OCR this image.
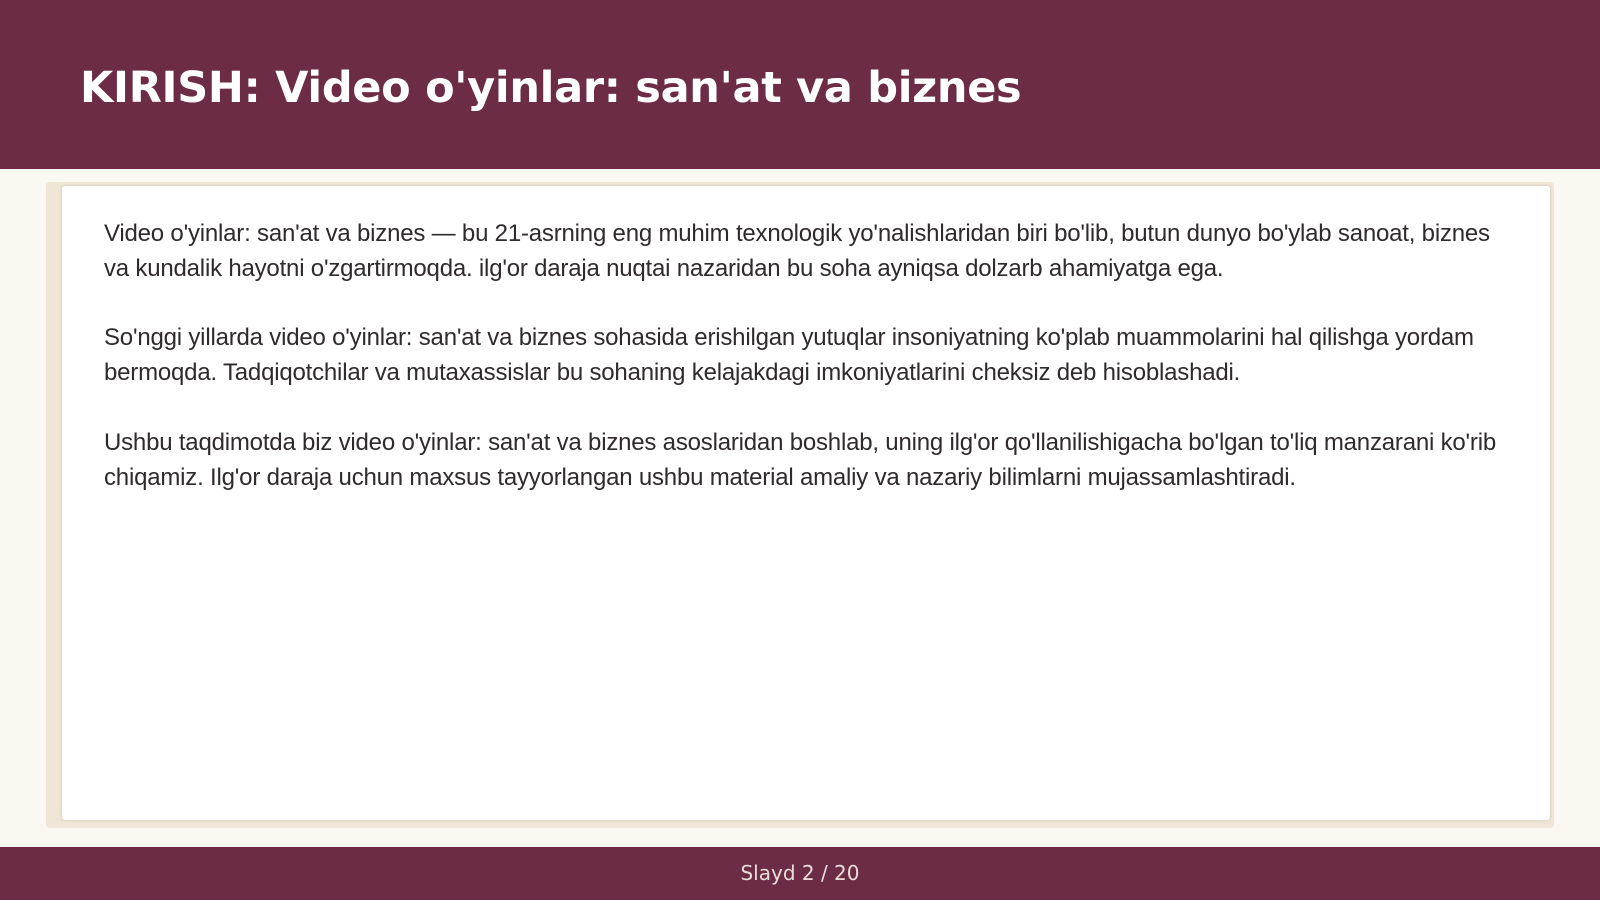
KIRISH: Video o'yinlar: san'at va biznes

Video o'yinlar: san'at va biznes — bu 21-asrning eng muhim texnologik yo'nalishlaridan biri bo'lib, butun dunyo bo'ylab sanoat, biznes va kundalik hayotni o'zgartirmoqda. ilg'or daraja nuqtai nazaridan bu soha ayniqsa dolzarb ahamiyatga ega.

So'nggi yillarda video o'yinlar: san'at va biznes sohasida erishilgan yutuqlar insoniyatning ko'plab muammolarini hal qilishga yordam bermoqda. Tadqiqotchilar va mutaxassislar bu sohaning kelajakdagi imkoniyatlarini cheksiz deb hisoblashadi.

Ushbu taqdimotda biz video o'yinlar: san'at va biznes asoslaridan boshlab, uning ilg'or qo'llanilishigacha bo'lgan to'liq manzarani ko'rib chiqamiz. Ilg'or daraja uchun maxsus tayyorlangan ushbu material amaliy va nazariy bilimlarni mujassamlashtiradi.

Slayd 2 / 20
